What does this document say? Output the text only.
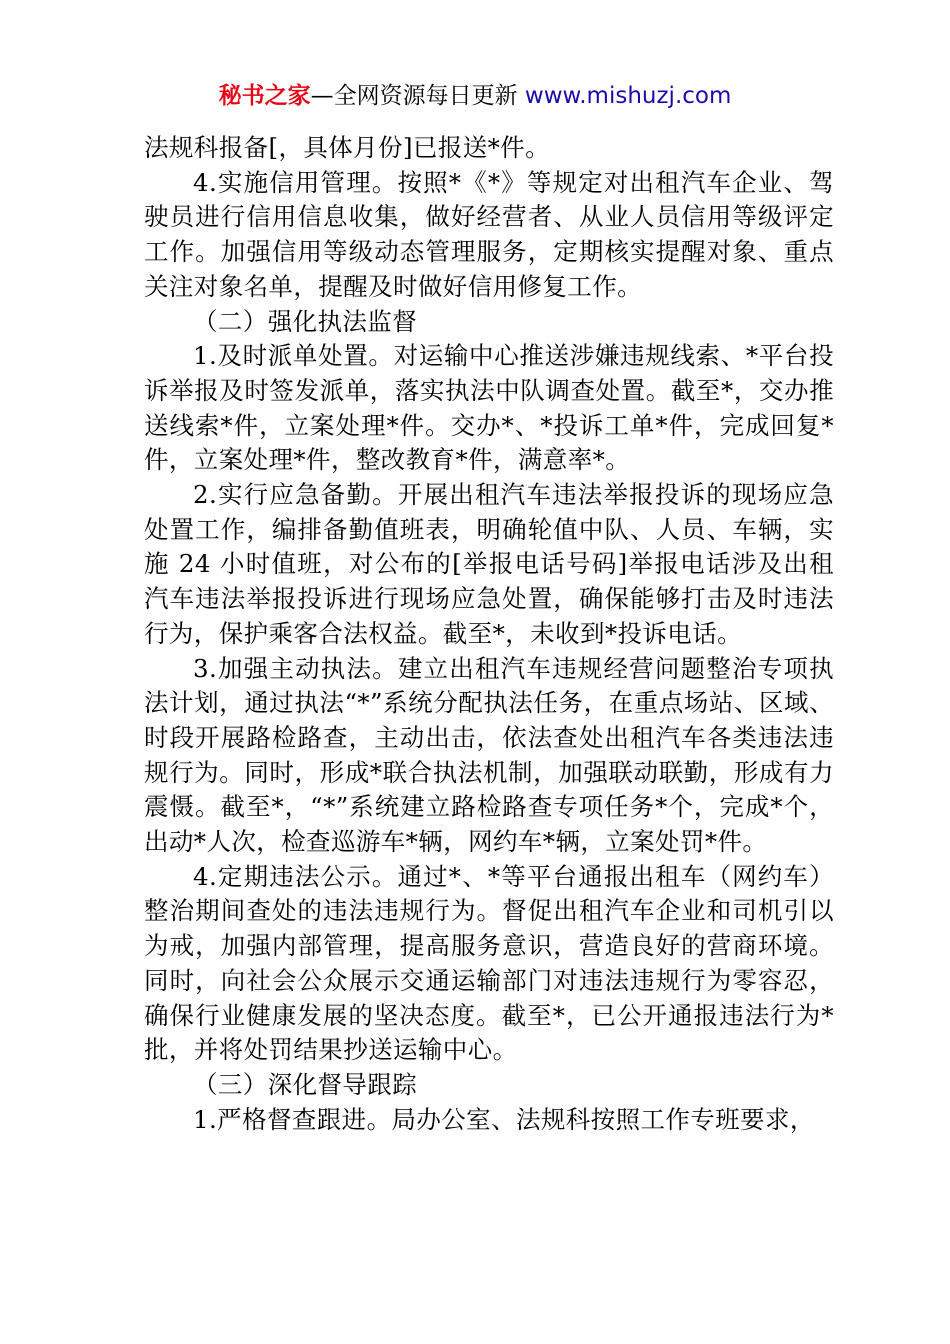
秘书之家—全网资源每日更新 www.mishuzj.com

法规科报备[，具体月份]已报送*件。

4.实施信用管理。按照*《*》等规定对出租汽车企业、驾驶员进行信用信息收集，做好经营者、从业人员信用等级评定工作。加强信用等级动态管理服务，定期核实提醒对象、重点关注对象名单，提醒及时做好信用修复工作。

（二）强化执法监督

1.及时派单处置。对运输中心推送涉嫌违规线索、*平台投诉举报及时签发派单，落实执法中队调查处置。截至*，交办推送线索*件，立案处理*件。交办*、*投诉工单*件，完成回复*件，立案处理*件，整改教育*件，满意率*。

2.实行应急备勤。开展出租汽车违法举报投诉的现场应急处置工作，编排备勤值班表，明确轮值中队、人员、车辆，实施 24 小时值班，对公布的[举报电话号码]举报电话涉及出租汽车违法举报投诉进行现场应急处置，确保能够打击及时违法行为，保护乘客合法权益。截至*，未收到*投诉电话。

3.加强主动执法。建立出租汽车违规经营问题整治专项执法计划，通过执法“*”系统分配执法任务，在重点场站、区域、时段开展路检路查，主动出击，依法查处出租汽车各类违法违规行为。同时，形成*联合执法机制，加强联动联勤，形成有力震慑。截至*，“*”系统建立路检路查专项任务*个，完成*个，出动*人次，检查巡游车*辆，网约车*辆，立案处罚*件。

4.定期违法公示。通过*、*等平台通报出租车（网约车）整治期间查处的违法违规行为。督促出租汽车企业和司机引以为戒，加强内部管理，提高服务意识，营造良好的营商环境。同时，向社会公众展示交通运输部门对违法违规行为零容忍，确保行业健康发展的坚决态度。截至*，已公开通报违法行为*批，并将处罚结果抄送运输中心。

（三）深化督导跟踪

1.严格督查跟进。局办公室、法规科按照工作专班要求，
